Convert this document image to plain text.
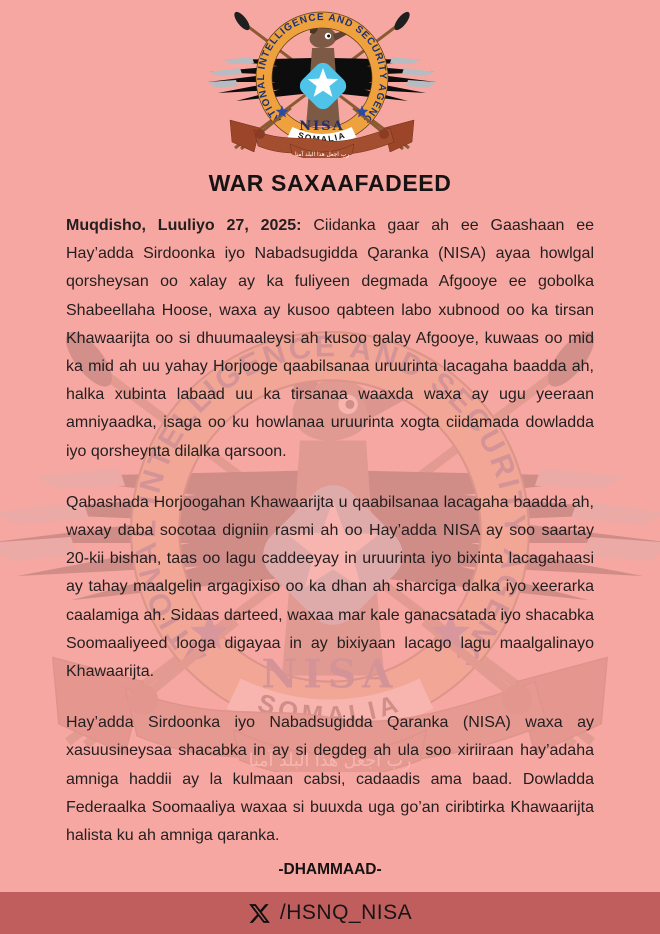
WAR SAXAAFADEED

Muqdisho, Luuliyo 27, 2025: Ciidanka gaar ah ee Gaashaan ee Hay’adda Sirdoonka iyo Nabadsugidda Qaranka (NISA) ayaa howlgal qorsheysan oo xalay ay ka fuliyeen degmada Afgooye ee gobolka Shabeellaha Hoose, waxa ay kusoo qabteen labo xubnood oo ka tirsan Khawaarijta oo si dhuumaaleysi ah kusoo galay Afgooye, kuwaas oo mid ka mid ah uu yahay Horjooge qaabilsanaa uruurinta lacagaha baadda ah, halka xubinta labaad uu ka tirsanaa waaxda waxa ay ugu yeeraan amniyaadka, isaga oo ku howlanaa uruurinta xogta ciidamada dowladda iyo qorsheynta dilalka qarsoon.

Qabashada Horjoogahan Khawaarijta u qaabilsanaa lacagaha baadda ah, waxay daba socotaa digniin rasmi ah oo Hay’adda NISA ay soo saartay 20-kii bishan, taas oo lagu caddeeyay in uruurinta iyo bixinta lacagahaasi ay tahay maalgelin argagixiso oo ka dhan ah sharciga dalka iyo xeerarka caalamiga ah. Sidaas darteed, waxaa mar kale ganacsatada iyo shacabka Soomaaliyeed looga digayaa in ay bixiyaan lacago lagu maalgalinayo Khawaarijta.

Hay’adda Sirdoonka iyo Nabadsugidda Qaranka (NISA) waxa ay xasuusineysaa shacabka in ay si degdeg ah ula soo xiriiraan hay’adaha amniga haddii ay la kulmaan cabsi, cadaadis ama baad. Dowladda Federaalka Soomaaliya waxaa si buuxda uga go’an ciribtirka Khawaarijta halista ku ah amniga qaranka.

-DHAMMAAD-
/HSNQ_NISA
